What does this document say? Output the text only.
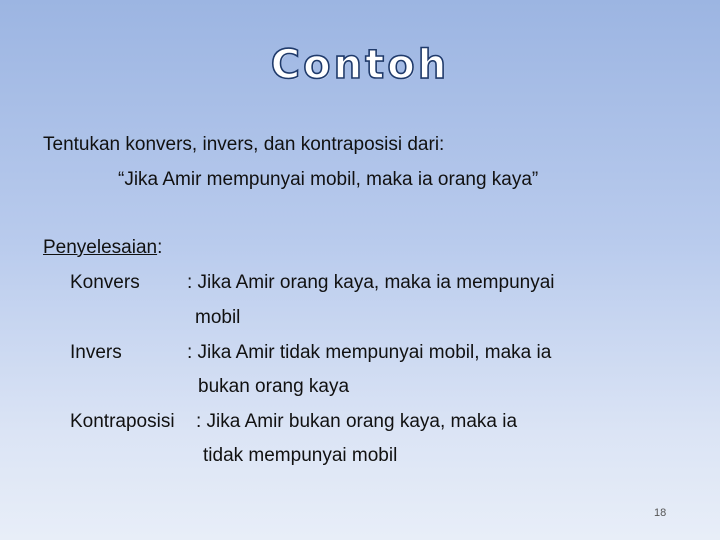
Contoh
Tentukan konvers, invers, dan kontraposisi dari:
“Jika Amir mempunyai mobil, maka ia orang kaya”
Penyelesaian:
Konvers : Jika Amir orang kaya, maka ia mempunyai
mobil
Invers	: Jika Amir tidak mempunyai mobil, maka ia
bukan orang kaya
Kontraposisi : Jika Amir bukan orang kaya, maka ia
tidak mempunyai mobil
18
